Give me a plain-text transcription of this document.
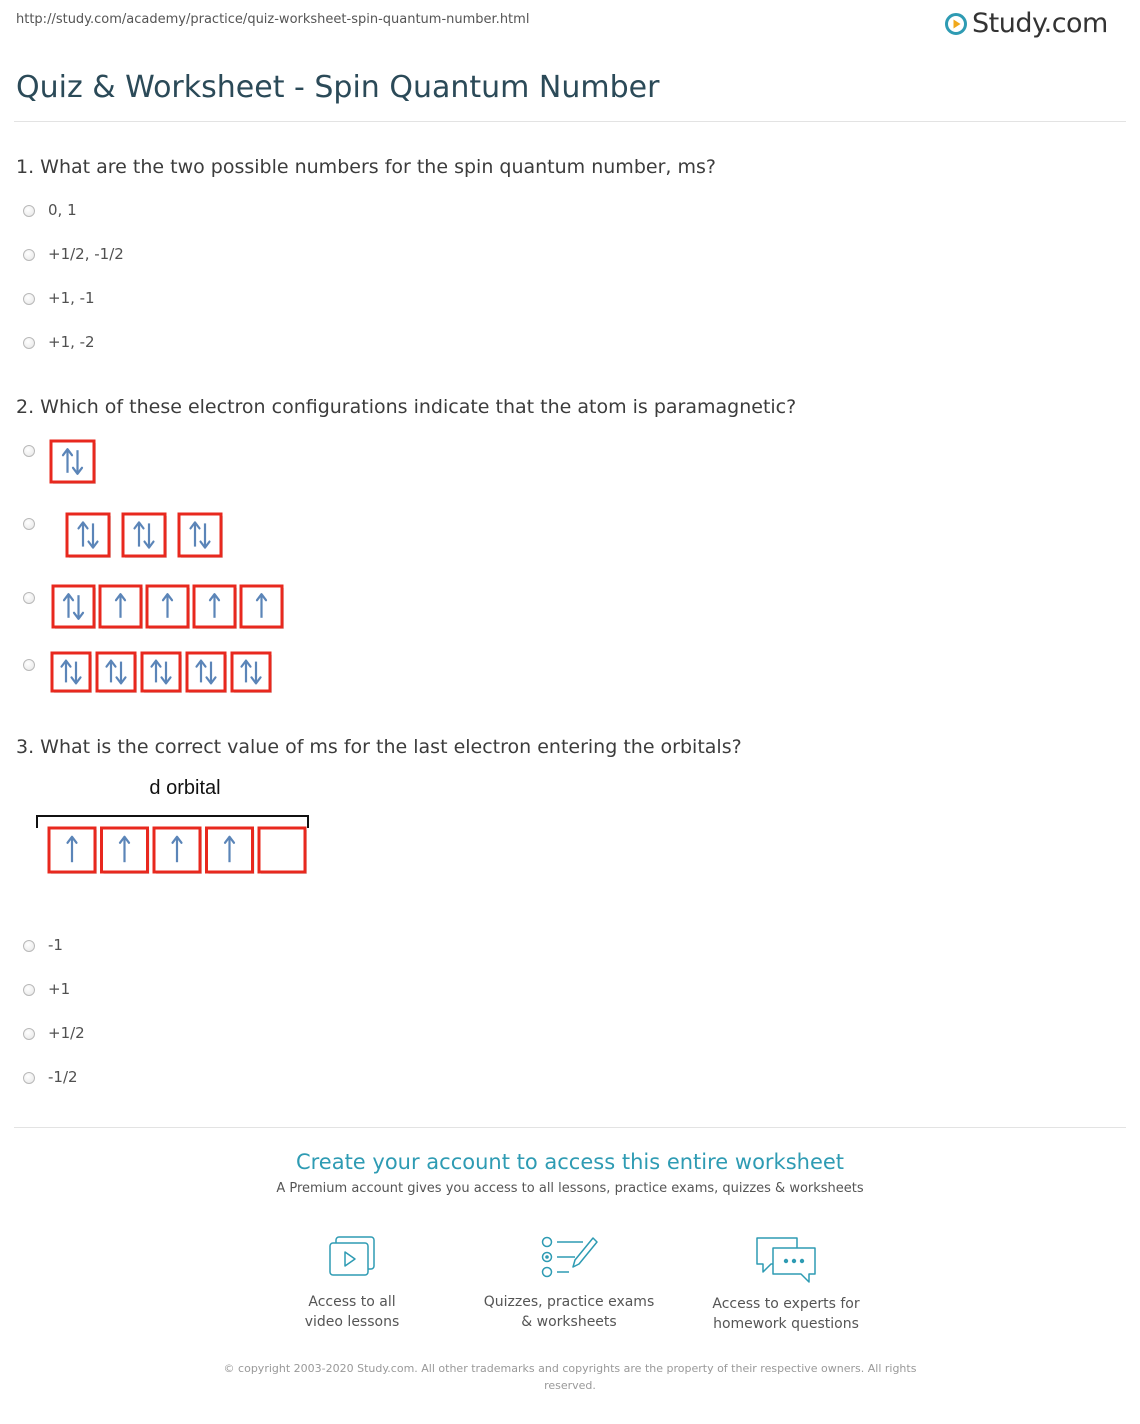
http://study.com/academy/practice/quiz-worksheet-spin-quantum-number.html	Study.com
Quiz & Worksheet - Spin Quantum Number
1. What are the two possible numbers for the spin quantum number, ms?
0, 1
+1/2, -1/2
+1, -1
+1, -2
2. Which of these electron configurations indicate that the atom is paramagnetic?
3. What is the correct value of ms for the last electron entering the orbitals?
d orbital
-1
+1
+1/2
-1/2
Create your account to access this entire worksheet
A Premium account gives you access to all lessons, practice exams, quizzes & worksheets
Access to all
video lessons
Quizzes, practice exams
& worksheets
Access to experts for
homework questions
© copyright 2003-2020 Study.com. All other trademarks and copyrights are the property of their respective owners. All rights reserved.
